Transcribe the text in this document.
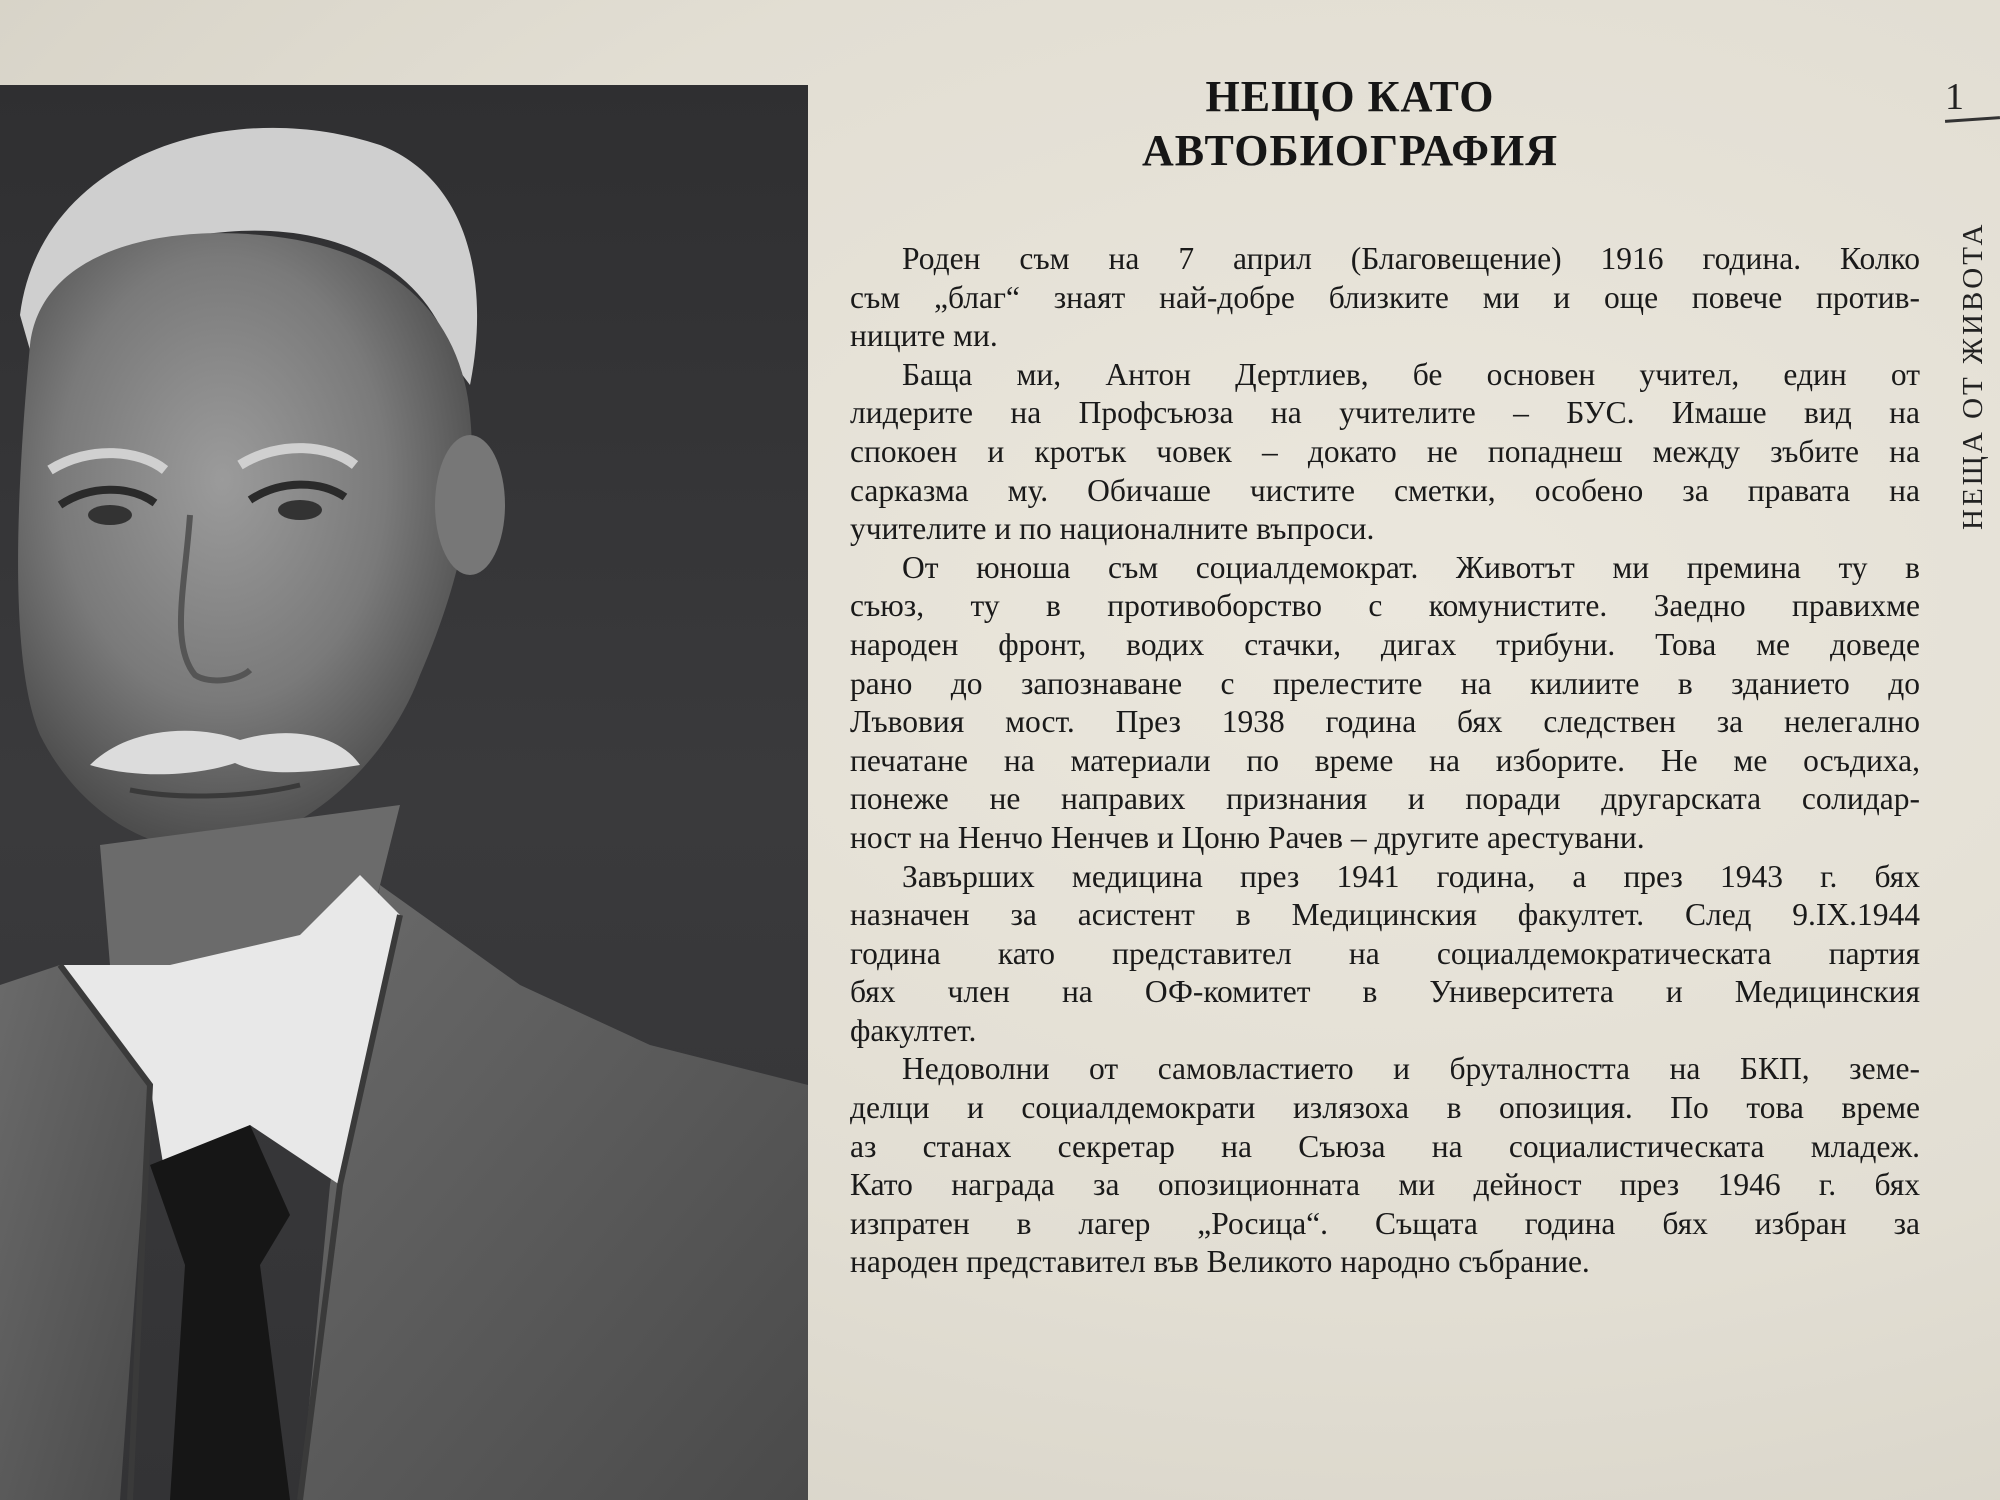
НЕЩО КАТО
АВТОБИОГРАФИЯ
1
НЕЩА ОТ ЖИВОТА
Роден съм на 7 април (Благовещение) 1916 година. Колко
съм „благ“ знаят най-добре близките ми и още повече против-
ниците ми.
Баща ми, Антон Дертлиев, бе основен учител, един от
лидерите на Профсъюза на учителите – БУС. Имаше вид на
спокоен и кротък човек – докато не попаднеш между зъбите на
сарказма му. Обичаше чистите сметки, особено за правата на
учителите и по националните въпроси.
От юноша съм социалдемократ. Животът ми премина ту в
съюз, ту в противоборство с комунистите. Заедно правихме
народен фронт, водих стачки, дигах трибуни. Това ме доведе
рано до запознаване с прелестите на килиите в зданието до
Лъвовия мост. През 1938 година бях следствен за нелегално
печатане на материали по време на изборите. Не ме осъдиха,
понеже не направих признания и поради другарската солидар-
ност на Ненчо Ненчев и Цоню Рачев – другите арестувани.
Завърших медицина през 1941 година, а през 1943 г. бях
назначен за асистент в Медицинския факултет. След 9.IX.1944
година като представител на социалдемократическата партия
бях член на ОФ-комитет в Университета и Медицинския
факултет.
Недоволни от самовластието и бруталността на БКП, земе-
делци и социалдемократи излязоха в опозиция. По това време
аз станах секретар на Съюза на социалистическата младеж.
Като награда за опозиционната ми дейност през 1946 г. бях
изпратен в лагер „Росица“. Същата година бях избран за
народен представител във Великото народно събрание.
